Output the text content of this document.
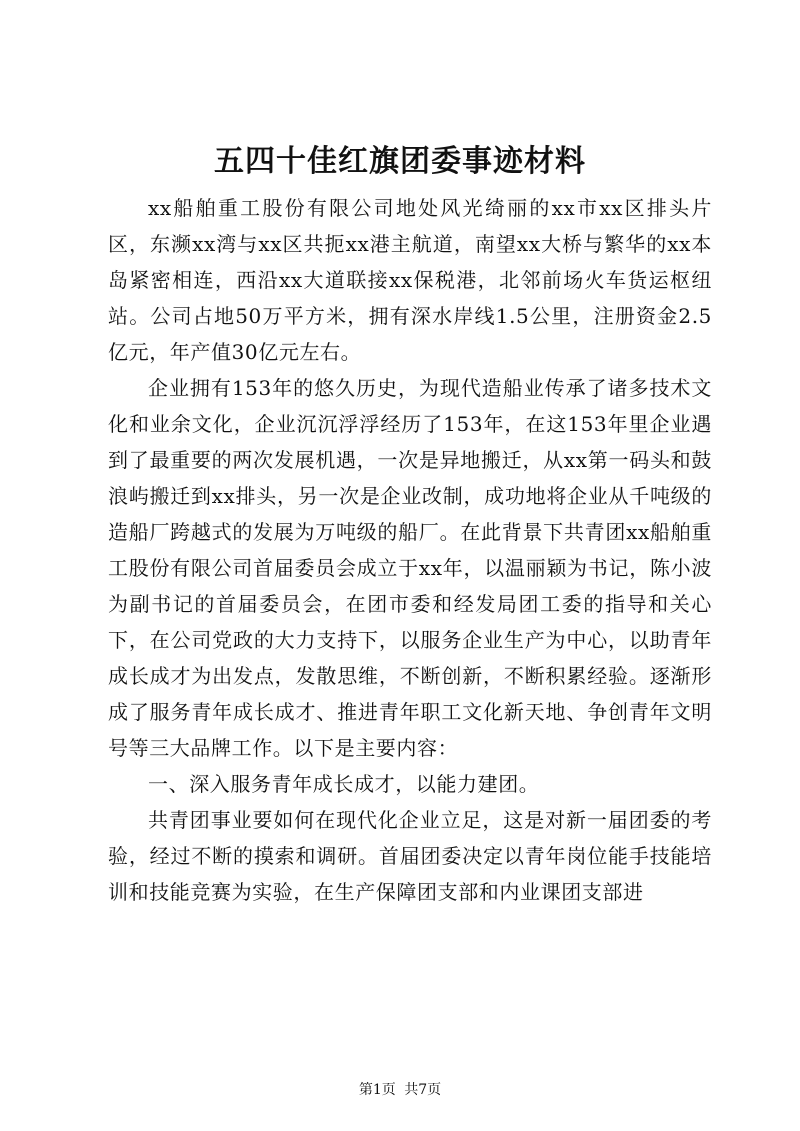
五四十佳红旗团委事迹材料

xx船舶重工股份有限公司地处风光绮丽的xx市xx区排头片区，东濒xx湾与xx区共扼xx港主航道，南望xx大桥与繁华的xx本岛紧密相连，西沿xx大道联接xx保税港，北邻前场火车货运枢纽站。公司占地50万平方米，拥有深水岸线1.5公里，注册资金2.5亿元，年产值30亿元左右。

企业拥有153年的悠久历史，为现代造船业传承了诸多技术文化和业余文化，企业沉沉浮浮经历了153年，在这153年里企业遇到了最重要的两次发展机遇，一次是异地搬迁，从xx第一码头和鼓浪屿搬迁到xx排头，另一次是企业改制，成功地将企业从千吨级的造船厂跨越式的发展为万吨级的船厂。在此背景下共青团xx船舶重工股份有限公司首届委员会成立于xx年，以温丽颖为书记，陈小波为副书记的首届委员会，在团市委和经发局团工委的指导和关心下，在公司党政的大力支持下，以服务企业生产为中心，以助青年成长成才为出发点，发散思维，不断创新，不断积累经验。逐渐形成了服务青年成长成才、推进青年职工文化新天地、争创青年文明号等三大品牌工作。以下是主要内容：

一、深入服务青年成长成才，以能力建团。

共青团事业要如何在现代化企业立足，这是对新一届团委的考验，经过不断的摸索和调研。首届团委决定以青年岗位能手技能培训和技能竞赛为实验，在生产保障团支部和内业课团支部进

第1页 共7页
